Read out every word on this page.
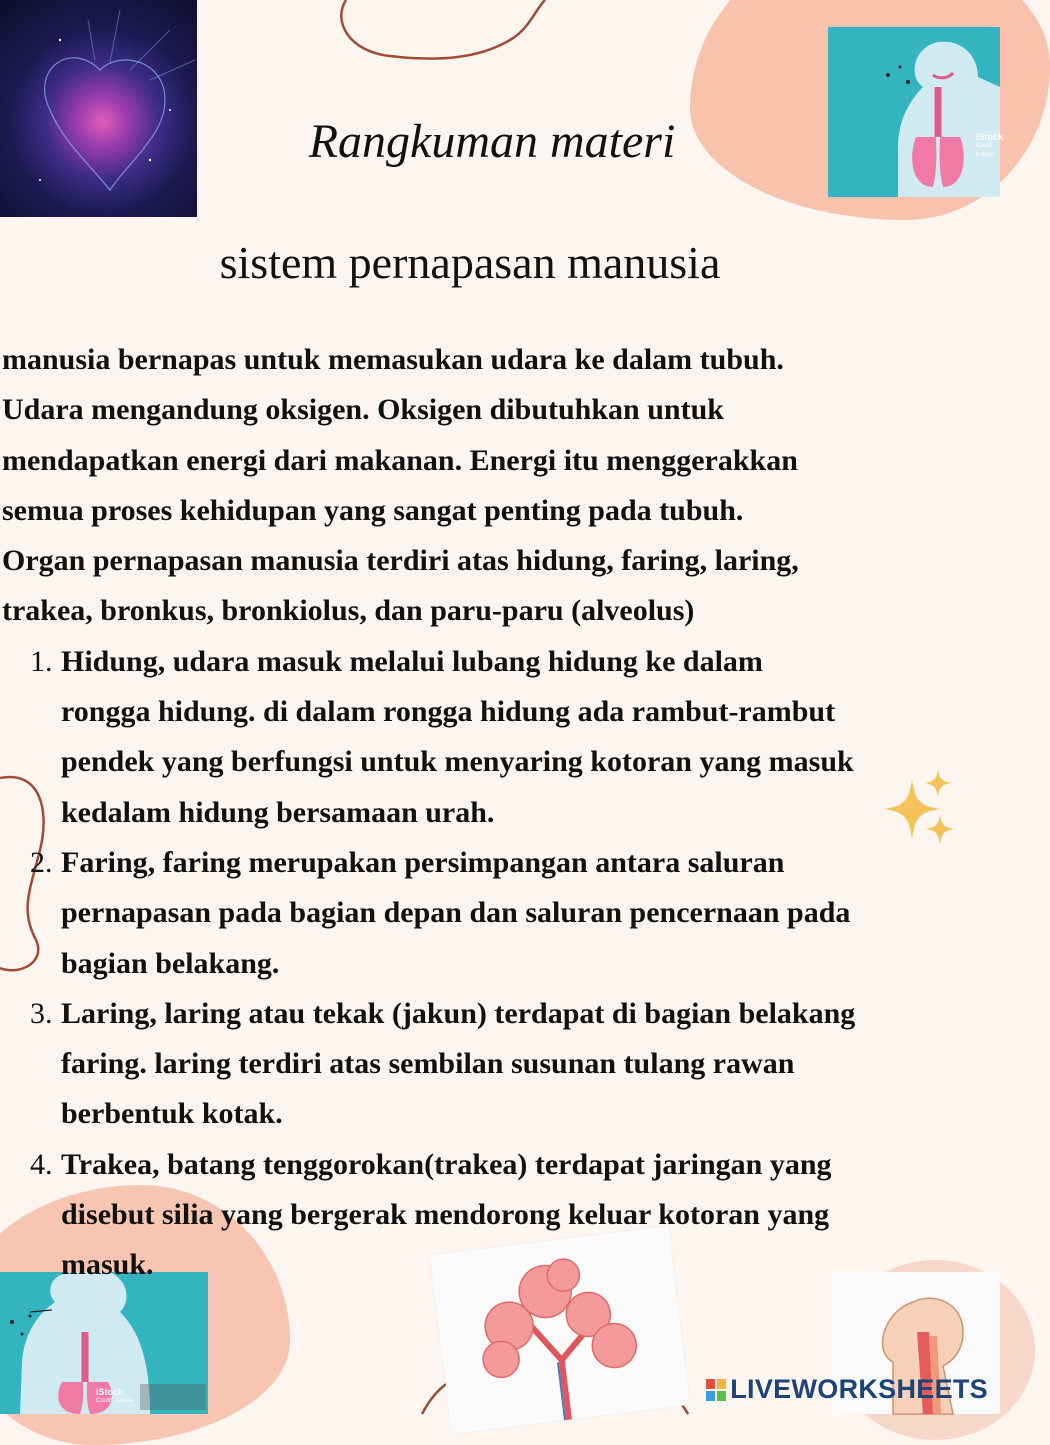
iStock
Credit: hakule
iStock
Credit: hakule
Rangkuman materi
sistem pernapasan manusia

manusia bernapas untuk memasukan udara ke dalam tubuh.

Udara mengandung oksigen. Oksigen dibutuhkan untuk

mendapatkan energi dari makanan. Energi itu menggerakkan

semua proses kehidupan yang sangat penting pada tubuh.

Organ pernapasan manusia terdiri atas hidung, faring, laring,

trakea, bronkus, bronkiolus, dan paru-paru (alveolus)

1. Hidung, udara masuk melalui lubang hidung ke dalam
rongga hidung. di dalam rongga hidung ada rambut-rambut
pendek yang berfungsi untuk menyaring kotoran yang masuk
kedalam hidung bersamaan urah.
2. Faring, faring merupakan persimpangan antara saluran
pernapasan pada bagian depan dan saluran pencernaan pada
bagian belakang.
3. Laring, laring atau tekak (jakun) terdapat di bagian belakang
faring. laring terdiri atas sembilan susunan tulang rawan
berbentuk kotak.
4. Trakea, batang tenggorokan(trakea) terdapat jaringan yang
disebut silia yang bergerak mendorong keluar kotoran yang
masuk.
LIVEWORKSHEETS
